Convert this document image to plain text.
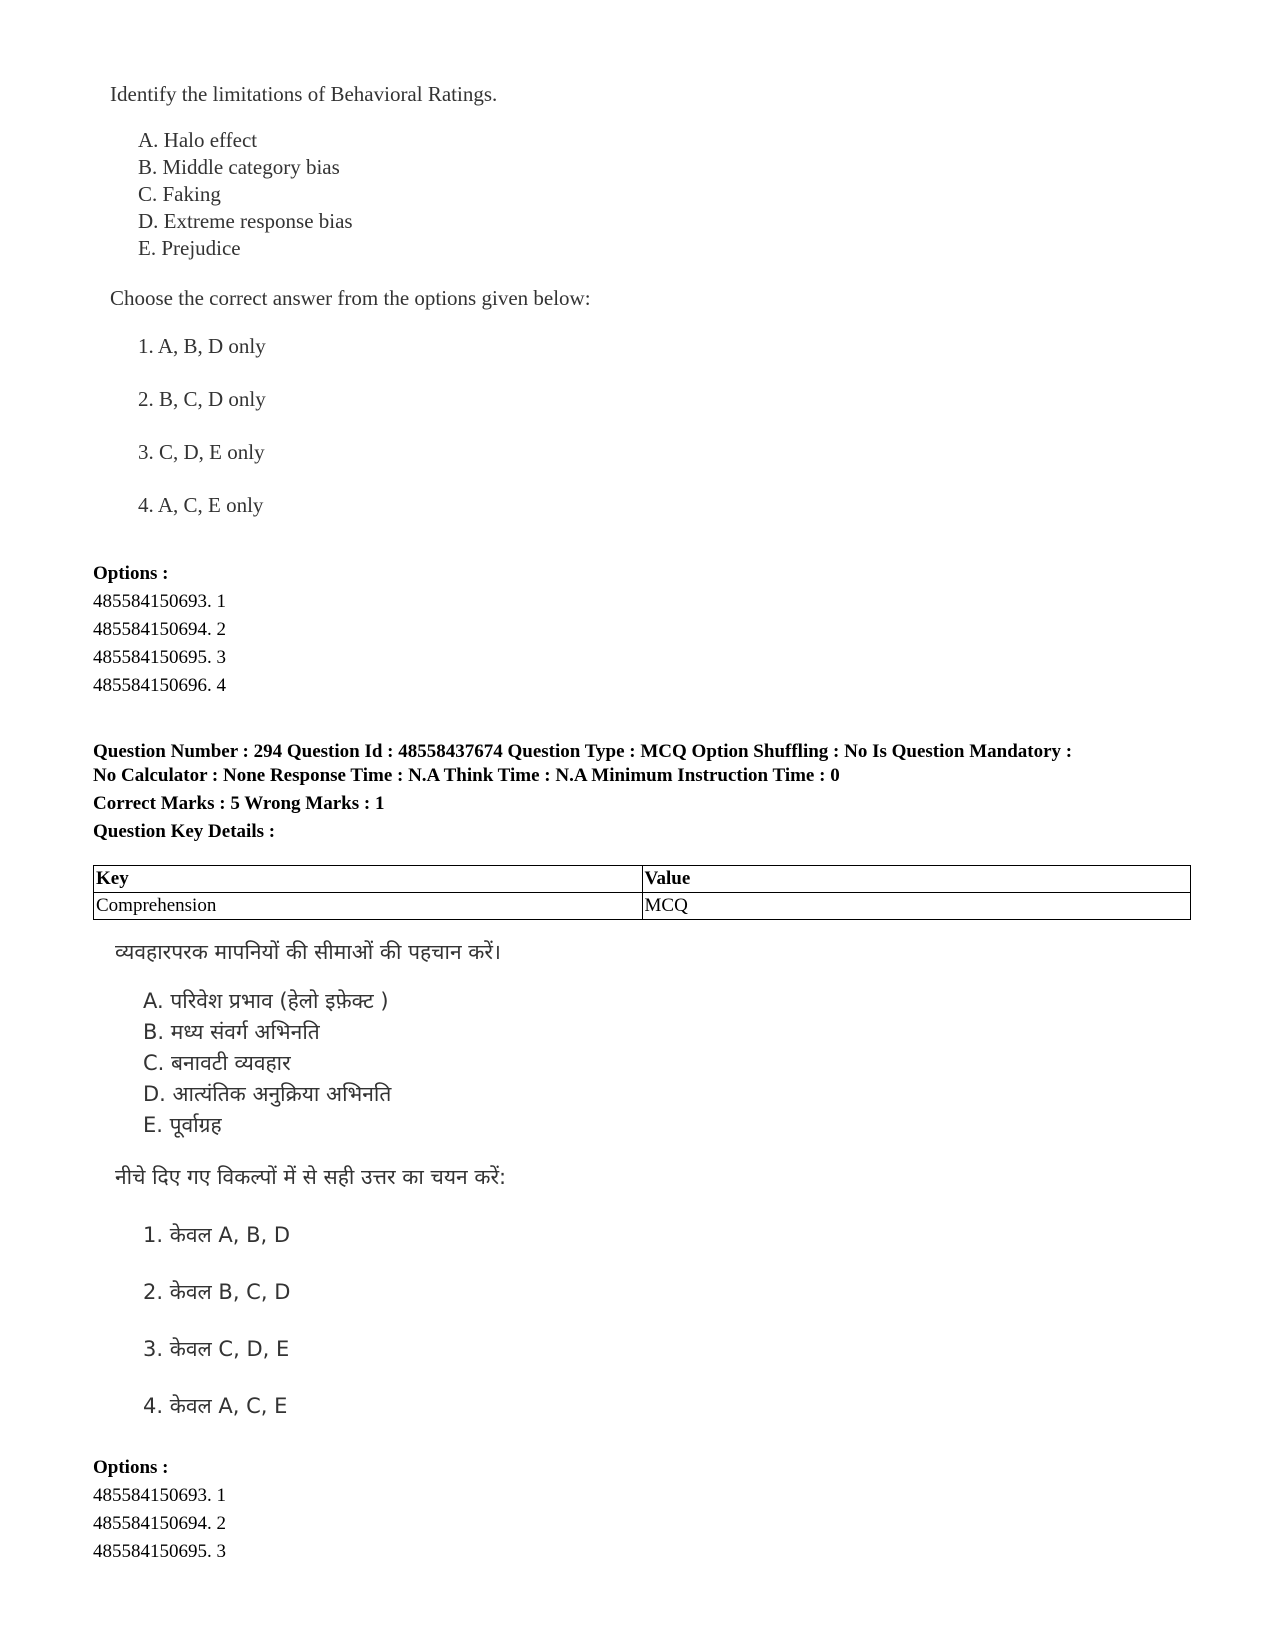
Identify the limitations of Behavioral Ratings.

A. Halo effect
B. Middle category bias
C. Faking
D. Extreme response bias
E. Prejudice

Choose the correct answer from the options given below:

1. A, B, D only
2. B, C, D only
3. C, D, E only
4. A, C, E only
Options :
485584150693. 1
485584150694. 2
485584150695. 3
485584150696. 4
Question Number : 294 Question Id : 48558437674 Question Type : MCQ Option Shuffling : No Is Question Mandatory :
No Calculator : None Response Time : N.A Think Time : N.A Minimum Instruction Time : 0
Correct Marks : 5 Wrong Marks : 1
Question Key Details :
Key	Value
Comprehension	MCQ

व्यवहारपरक मापनियों की सीमाओं की पहचान करें।

A. परिवेश प्रभाव (हेलो इफ़ेक्ट )
B. मध्य संवर्ग अभिनति
C. बनावटी व्यवहार
D. आत्यंतिक अनुक्रिया अभिनति
E. पूर्वाग्रह

नीचे दिए गए विकल्पों में से सही उत्तर का चयन करें:

1. केवल A, B, D
2. केवल B, C, D
3. केवल C, D, E
4. केवल A, C, E
Options :
485584150693. 1
485584150694. 2
485584150695. 3
